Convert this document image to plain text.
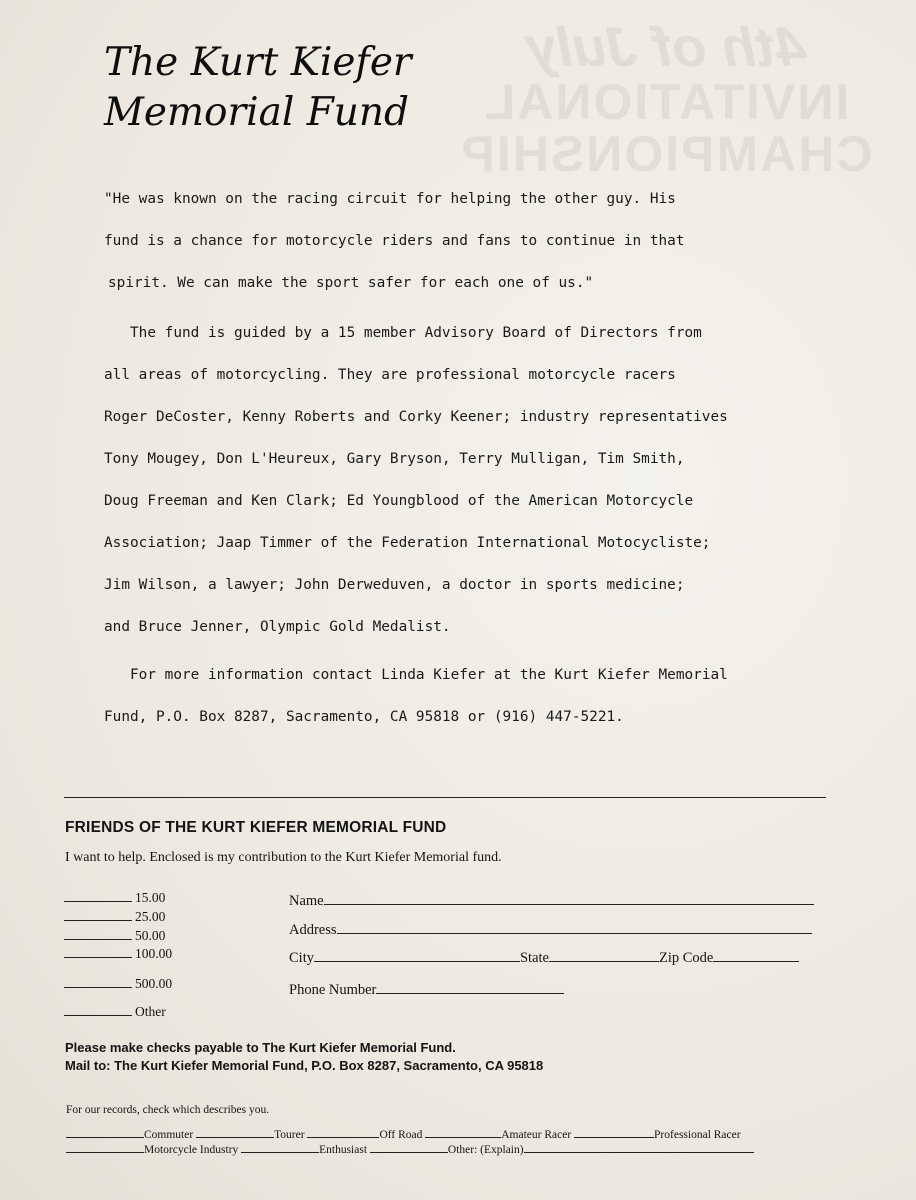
4th of July
INVITATIONAL
CHAMPIONSHIP
The Kurt Kiefer
Memorial Fund

"He was known on the racing circuit for helping the other guy. His

fund is a chance for motorcycle riders and fans to continue in that

spirit. We can make the sport safer for each one of us."

The fund is guided by a 15 member Advisory Board of Directors from

all areas of motorcycling. They are professional motorcycle racers

Roger DeCoster, Kenny Roberts and Corky Keener; industry representatives

Tony Mougey, Don L'Heureux, Gary Bryson, Terry Mulligan, Tim Smith,

Doug Freeman and Ken Clark; Ed Youngblood of the American Motorcycle

Association; Jaap Timmer of the Federation International Motocycliste;

Jim Wilson, a lawyer; John Derweduven, a doctor in sports medicine;

and Bruce Jenner, Olympic Gold Medalist.

For more information contact Linda Kiefer at the Kurt Kiefer Memorial

Fund, P.O. Box 8287, Sacramento, CA 95818 or (916) 447-5221.

FRIENDS OF THE KURT KIEFER MEMORIAL FUND
I want to help. Enclosed is my contribution to the Kurt Kiefer Memorial fund.
15.00
25.00
50.00
100.00
500.00
Other
Name
Address
City	State	Zip Code
Phone Number
Please make checks payable to The Kurt Kiefer Memorial Fund.
Mail to: The Kurt Kiefer Memorial Fund, P.O. Box 8287, Sacramento, CA 95818
For our records, check which describes you.
Commuter	Tourer	Off Road	Amateur Racer	Professional Racer
Motorcycle Industry	Enthusiast	Other: (Explain)
